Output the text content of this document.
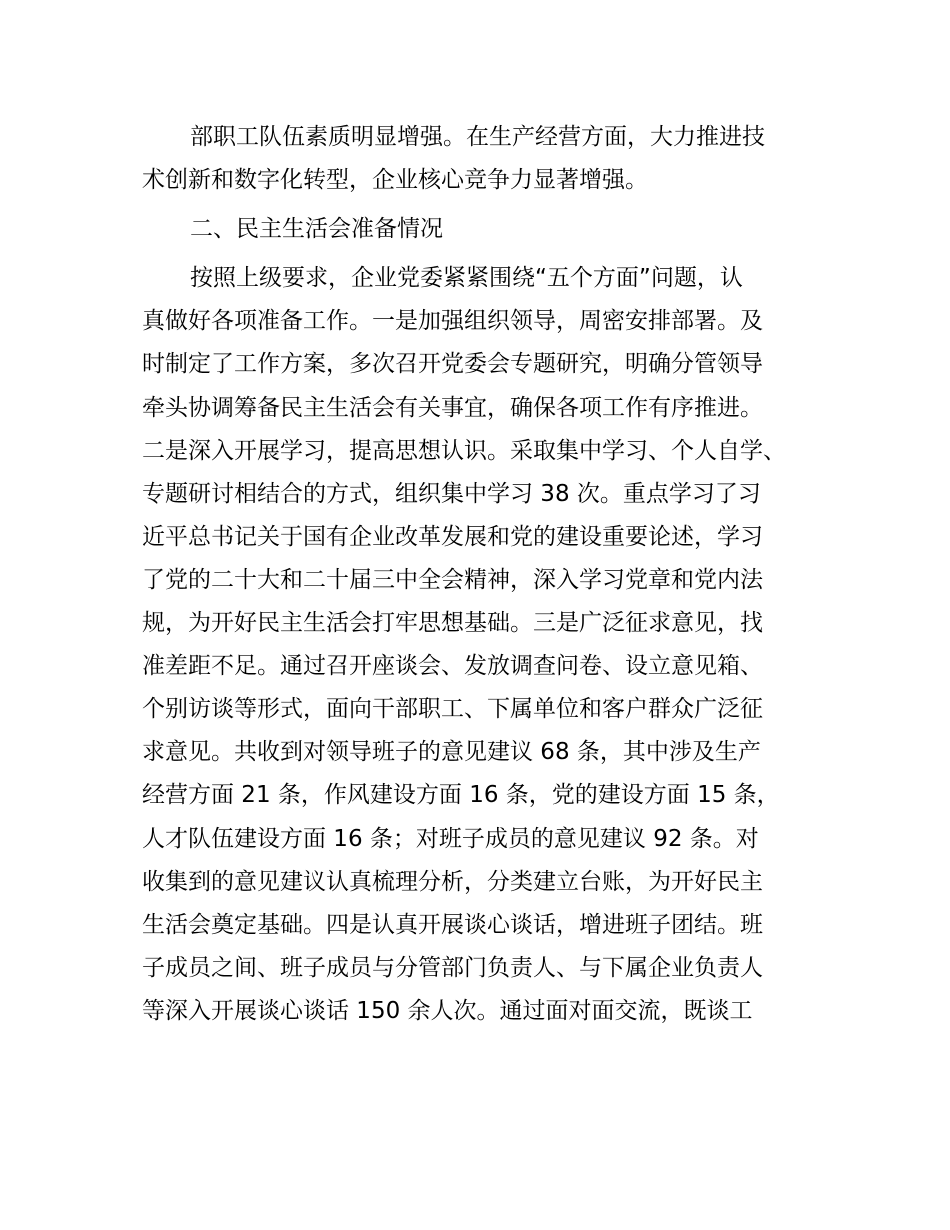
部职工队伍素质明显增强。在生产经营方面，大力推进技
术创新和数字化转型，企业核心竞争力显著增强。
二、民主生活会准备情况
按照上级要求，企业党委紧紧围绕“五个方面”问题，认
真做好各项准备工作。一是加强组织领导，周密安排部署。及
时制定了工作方案，多次召开党委会专题研究，明确分管领导
牵头协调筹备民主生活会有关事宜，确保各项工作有序推进。
二是深入开展学习，提高思想认识。采取集中学习、个人自学、
专题研讨相结合的方式，组织集中学习 38 次。重点学习了习
近平总书记关于国有企业改革发展和党的建设重要论述，学习
了党的二十大和二十届三中全会精神，深入学习党章和党内法
规，为开好民主生活会打牢思想基础。三是广泛征求意见，找
准差距不足。通过召开座谈会、发放调查问卷、设立意见箱、
个别访谈等形式，面向干部职工、下属单位和客户群众广泛征
求意见。共收到对领导班子的意见建议 68 条，其中涉及生产
经营方面 21 条，作风建设方面 16 条，党的建设方面 15 条，
人才队伍建设方面 16 条；对班子成员的意见建议 92 条。对
收集到的意见建议认真梳理分析，分类建立台账，为开好民主
生活会奠定基础。四是认真开展谈心谈话，增进班子团结。班
子成员之间、班子成员与分管部门负责人、与下属企业负责人
等深入开展谈心谈话 150 余人次。通过面对面交流，既谈工
